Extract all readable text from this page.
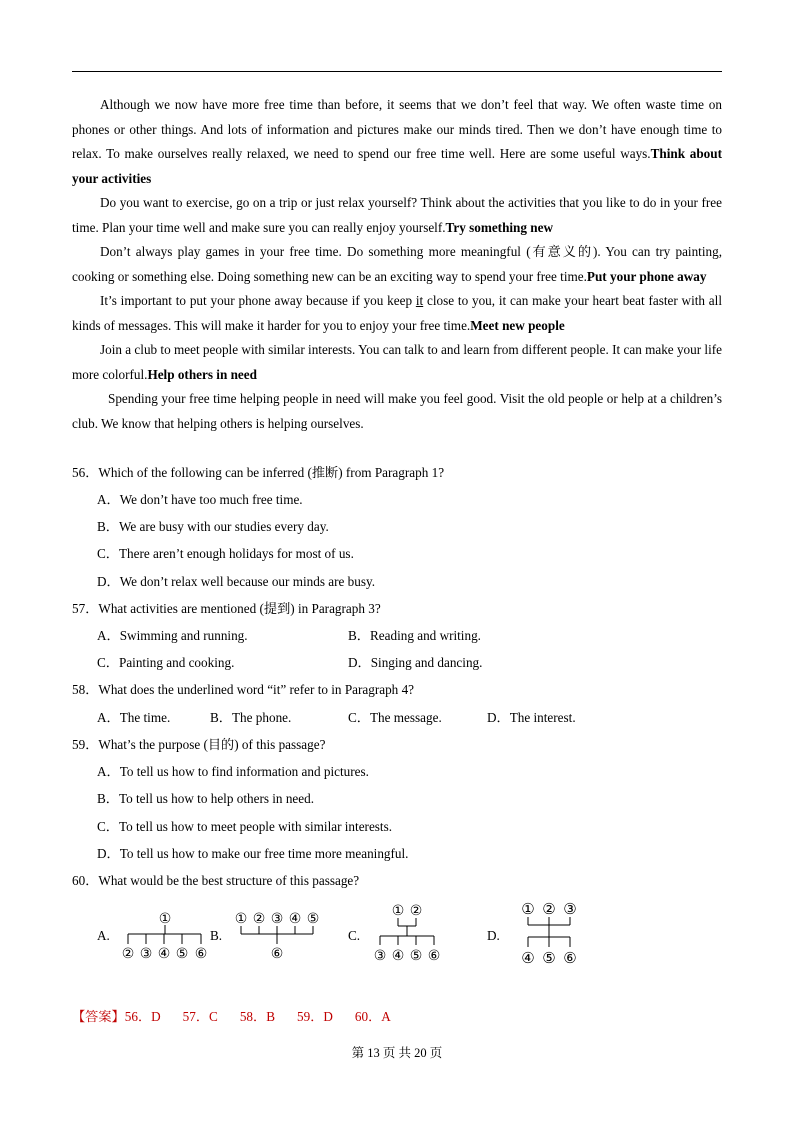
Although we now have more free time than before, it seems that we don’t feel that way. We often waste time on phones or other things. And lots of information and pictures make our minds tired. Then we don’t have enough time to relax. To make ourselves really relaxed, we need to spend our free time well. Here are some useful ways.Think about your activities

Do you want to exercise, go on a trip or just relax yourself? Think about the activities that you like to do in your free time. Plan your time well and make sure you can really enjoy yourself.Try something new

Don’t always play games in your free time. Do something more meaningful (有意义的). You can try painting, cooking or something else. Doing something new can be an exciting way to spend your free time.Put your phone away

It’s important to put your phone away because if you keep it close to you, it can make your heart beat faster with all kinds of messages. This will make it harder for you to enjoy your free time.Meet new people

Join a club to meet people with similar interests. You can talk to and learn from different people. It can make your life more colorful.Help others in need

Spending your free time helping people in need will make you feel good. Visit the old people or help at a children’s club. We know that helping others is helping ourselves.

56．Which of the following can be inferred (推断) from Paragraph 1?
A．We don’t have too much free time.
B．We are busy with our studies every day.
C．There aren’t enough holidays for most of us.
D．We don’t relax well because our minds are busy.
57．What activities are mentioned (提到) in Paragraph 3?
A．Swimming and running.	B．Reading and writing.
C．Painting and cooking.	D．Singing and dancing.
58．What does the underlined word “it” refer to in Paragraph 4?
A．The time.	B．The phone.	C．The message.	D．The interest.
59．What’s the purpose (目的) of this passage?
A．To tell us how to find information and pictures.
B．To tell us how to help others in need.
C．To tell us how to meet people with similar interests.
D．To tell us how to make our free time more meaningful.
60．What would be the best structure of this passage?
A.	B.	C.	D.
①
② ③ ④ ⑤ ⑥
① ② ③ ④ ⑤
⑥
① ②
③ ④ ⑤ ⑥
① ② ③
④ ⑤ ⑥
【答案】56．D 57．C 58．B 59．D 60．A
第 13 页 共 20 页
